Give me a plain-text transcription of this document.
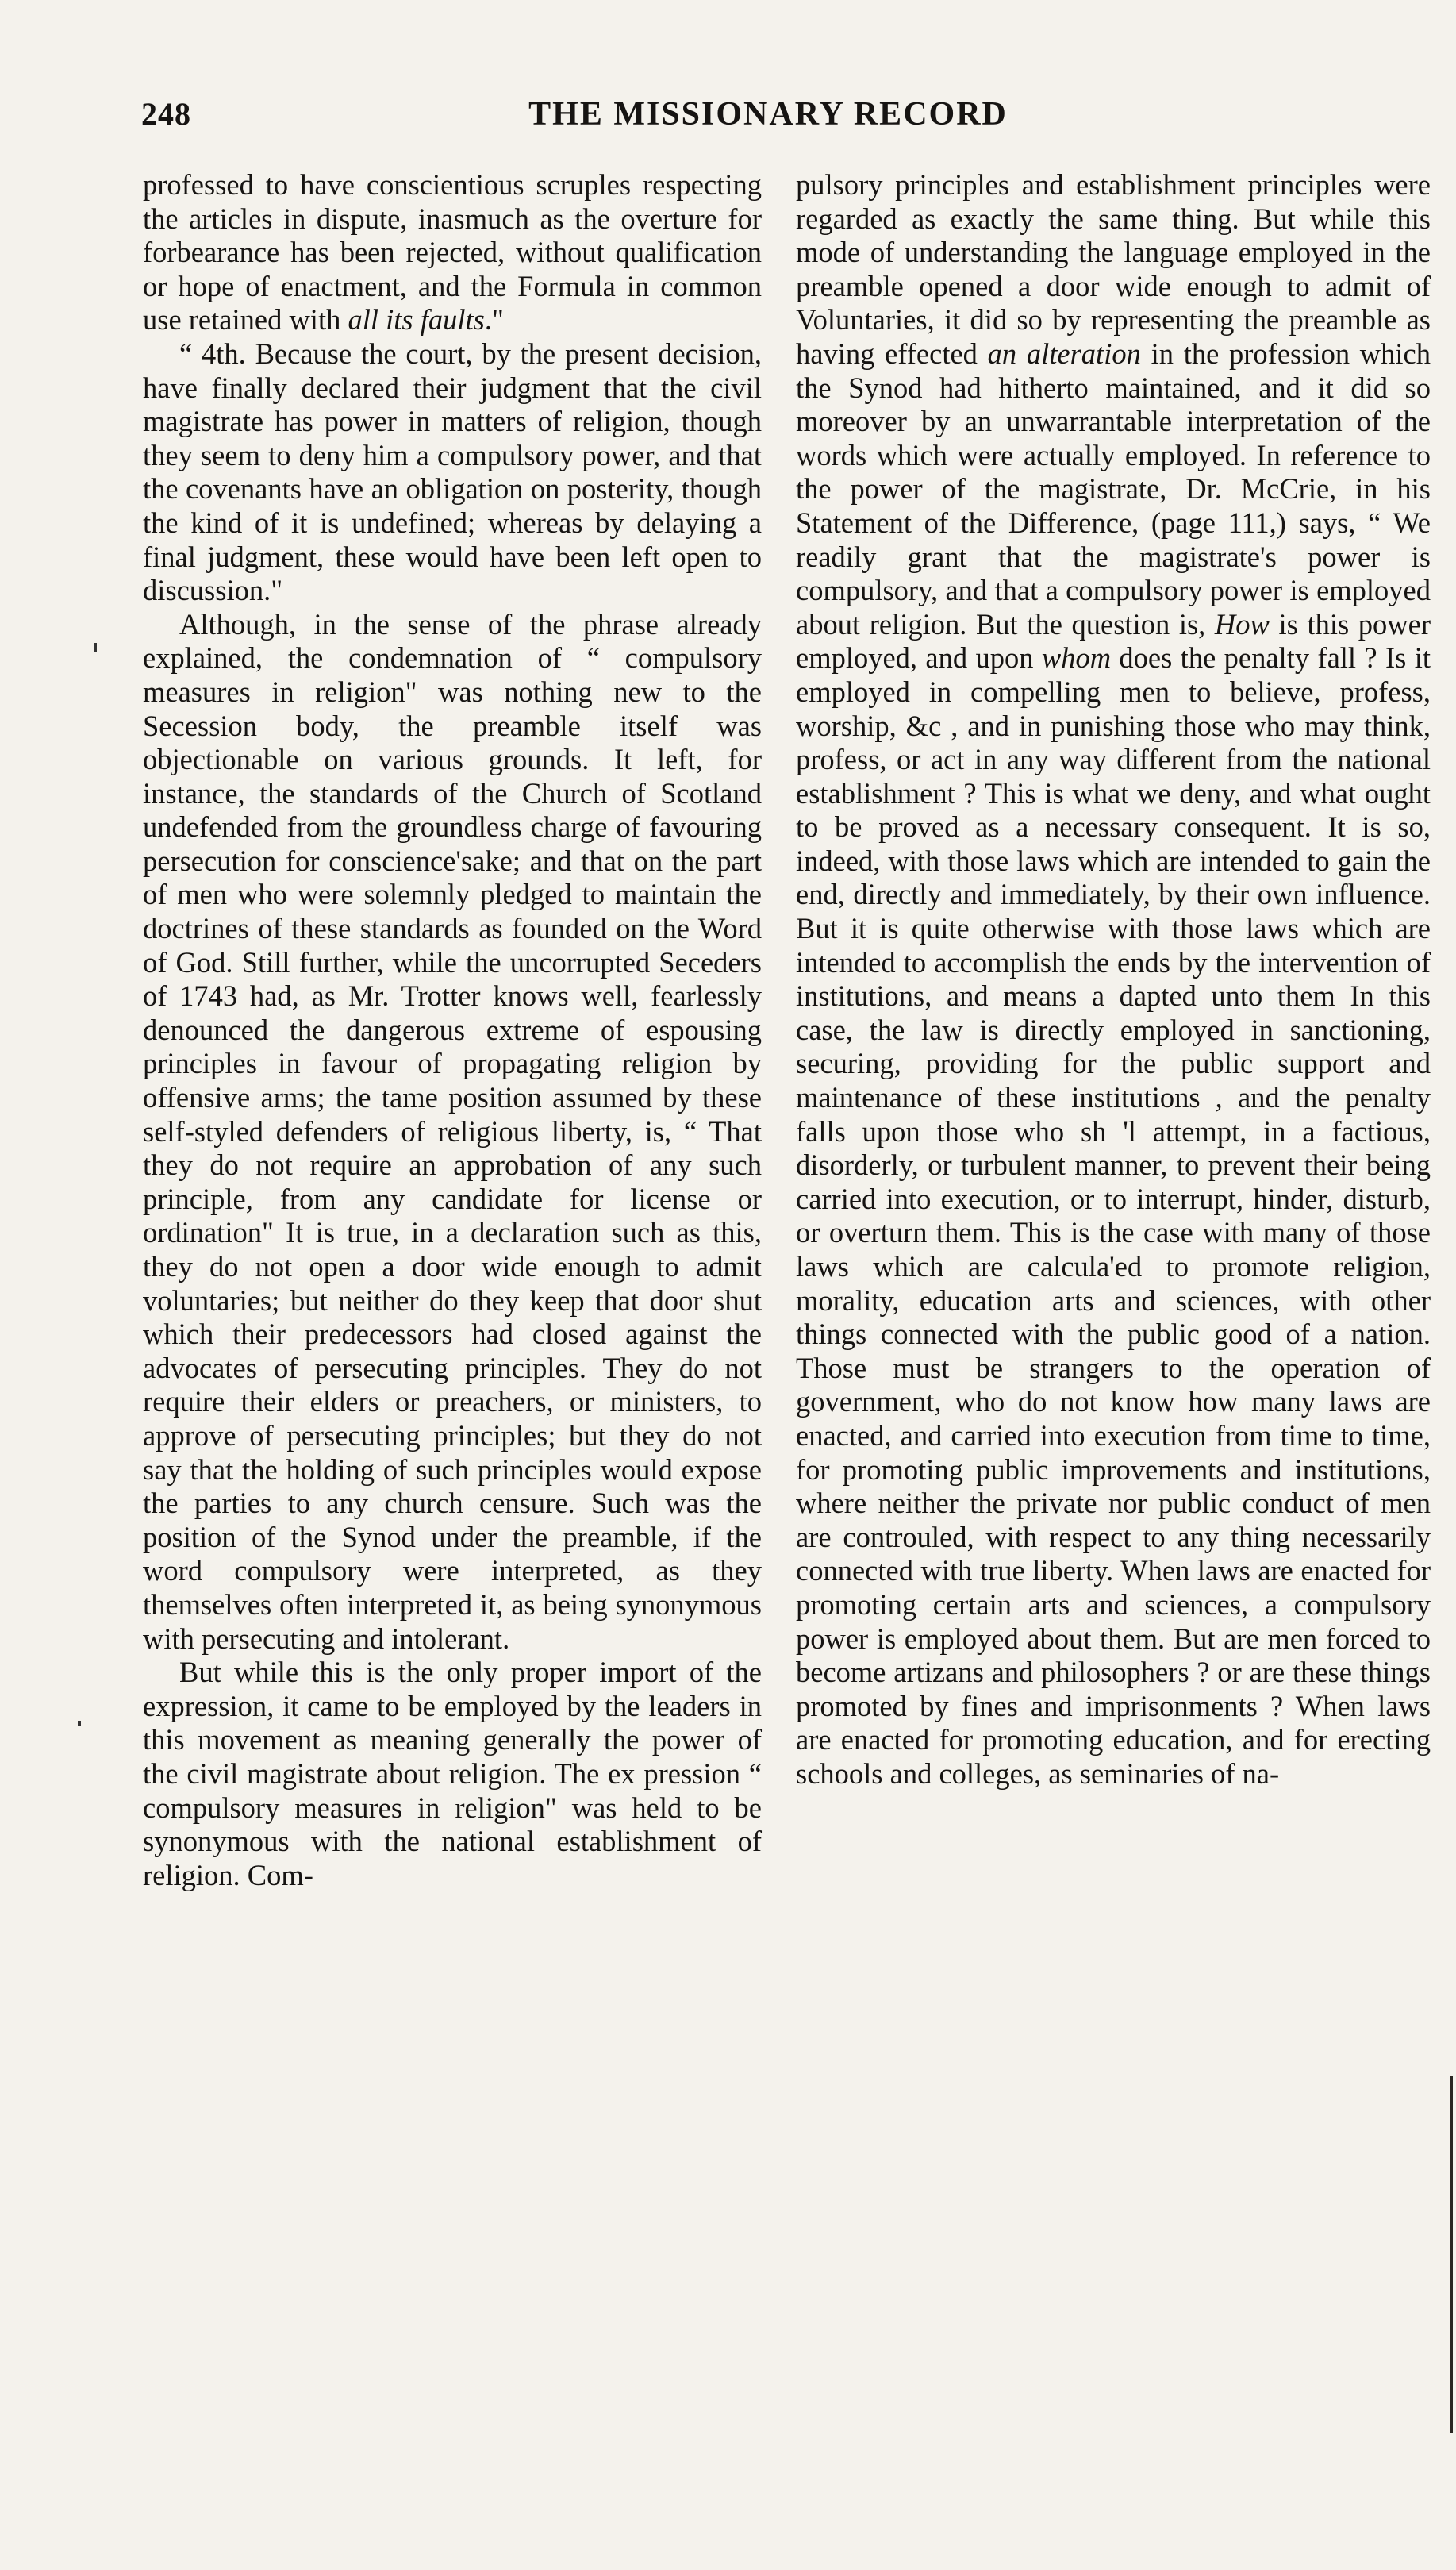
248	THE MISSIONARY RECORD

professed to have conscientious scruples respecting the articles in dispute, inasmuch as the overture for forbearance has been rejected, without qualification or hope of enactment, and the Formula in common use retained with all its faults."

“ 4th. Because the court, by the present decision, have finally declared their judgment that the civil magistrate has power in matters of religion, though they seem to deny him a compulsory power, and that the covenants have an obligation on posterity, though the kind of it is undefined; whereas by delaying a final judgment, these would have been left open to discussion."

Although, in the sense of the phrase already explained, the condemnation of “ compulsory measures in religion" was nothing new to the Secession body, the preamble itself was objectionable on various grounds. It left, for instance, the standards of the Church of Scotland undefended from the groundless charge of favouring persecution for conscience'sake; and that on the part of men who were solemnly pledged to maintain the doctrines of these standards as founded on the Word of God. Still further, while the uncorrupted Seceders of 1743 had, as Mr. Trotter knows well, fearlessly denounced the dangerous extreme of espousing principles in favour of propagating religion by offensive arms; the tame position assumed by these self-styled defenders of religious liberty, is, “ That they do not require an approbation of any such principle, from any candidate for license or ordination" It is true, in a declaration such as this, they do not open a door wide enough to admit voluntaries; but neither do they keep that door shut which their predecessors had closed against the advocates of persecuting principles. They do not require their elders or preachers, or ministers, to approve of persecuting principles; but they do not say that the holding of such principles would expose the parties to any church censure. Such was the position of the Synod under the preamble, if the word compulsory were interpreted, as they themselves often interpreted it, as being synonymous with persecuting and intolerant.

But while this is the only proper import of the expression, it came to be employed by the leaders in this movement as meaning generally the power of the civil magistrate about religion. The ex pression “ compulsory measures in religion" was held to be synonymous with the national establishment of religion. Com-

pulsory principles and establishment principles were regarded as exactly the same thing. But while this mode of understanding the language employed in the preamble opened a door wide enough to admit of Voluntaries, it did so by representing the preamble as having effected an alteration in the profession which the Synod had hitherto maintained, and it did so moreover by an unwarrantable interpretation of the words which were actually employed. In reference to the power of the magistrate, Dr. McCrie, in his Statement of the Difference, (page 111,) says, “ We readily grant that the magistrate's power is compulsory, and that a compulsory power is employed about religion. But the question is, How is this power employed, and upon whom does the penalty fall ? Is it employed in compelling men to believe, profess, worship, &c , and in punishing those who may think, profess, or act in any way different from the national establishment ? This is what we deny, and what ought to be proved as a necessary consequent. It is so, indeed, with those laws which are intended to gain the end, directly and immediately, by their own influence. But it is quite otherwise with those laws which are intended to accomplish the ends by the intervention of institutions, and means a dapted unto them In this case, the law is directly employed in sanctioning, securing, providing for the public support and maintenance of these institutions , and the penalty falls upon those who sh 'l attempt, in a factious, disorderly, or turbulent manner, to prevent their being carried into execution, or to interrupt, hinder, disturb, or overturn them. This is the case with many of those laws which are calcula'ed to promote religion, morality, education arts and sciences, with other things connected with the public good of a nation. Those must be strangers to the operation of government, who do not know how many laws are enacted, and carried into execution from time to time, for promoting public improvements and institutions, where neither the private nor public conduct of men are controuled, with respect to any thing necessarily connected with true liberty. When laws are enacted for promoting certain arts and sciences, a compulsory power is employed about them. But are men forced to become artizans and philosophers ? or are these things promoted by fines and imprisonments ? When laws are enacted for promoting education, and for erecting schools and colleges, as seminaries of na-
